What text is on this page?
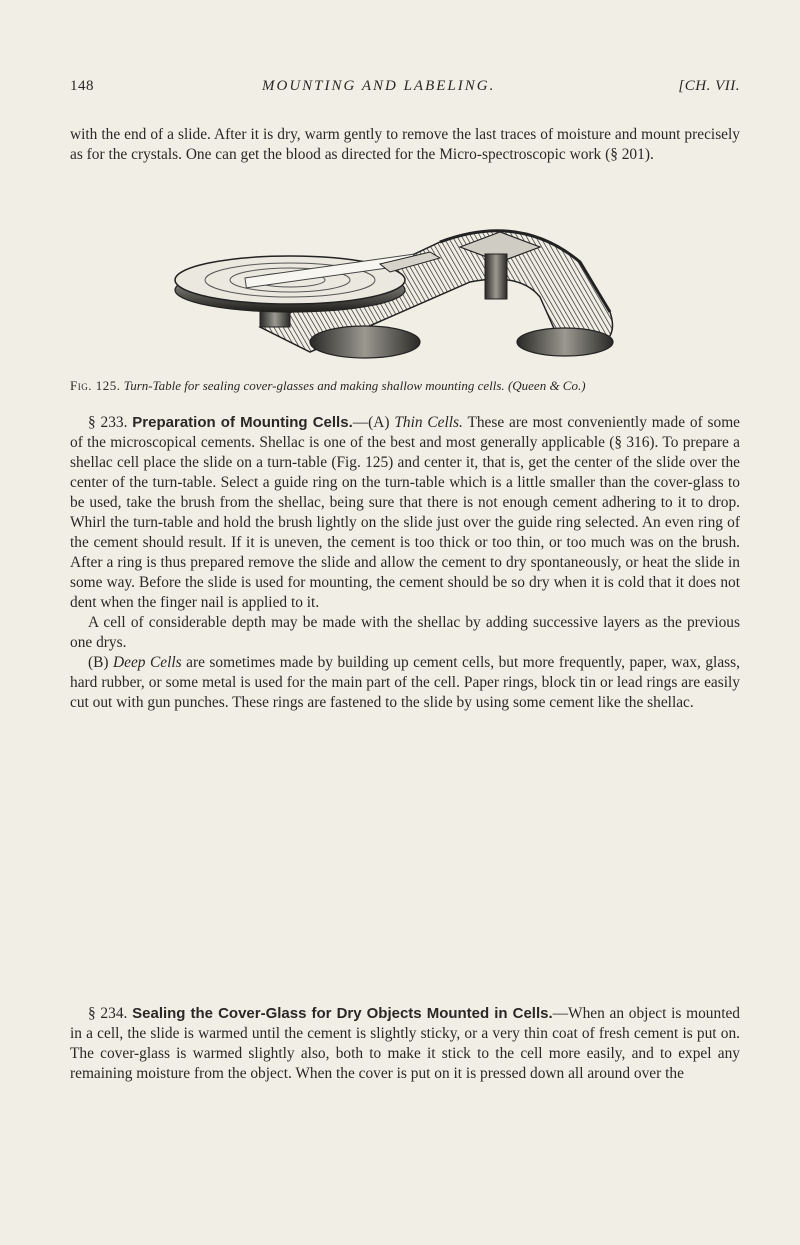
148	MOUNTING AND LABELING.	[CH. VII.

with the end of a slide. After it is dry, warm gently to remove the last traces of moisture and mount precisely as for the crystals. One can get the blood as directed for the Micro-spectroscopic work (§ 201).

Fig. 125. Turn-Table for sealing cover-glasses and making shallow mounting cells. (Queen & Co.)

§ 233. Preparation of Mounting Cells.—(A) Thin Cells. These are most conveniently made of some of the microscopical cements. Shellac is one of the best and most generally applicable (§ 316). To prepare a shellac cell place the slide on a turn-table (Fig. 125) and center it, that is, get the center of the slide over the center of the turn-table. Select a guide ring on the turn-table which is a little smaller than the cover-glass to be used, take the brush from the shellac, being sure that there is not enough cement adhering to it to drop. Whirl the turn-table and hold the brush lightly on the slide just over the guide ring selected. An even ring of the cement should result. If it is uneven, the cement is too thick or too thin, or too much was on the brush. After a ring is thus prepared remove the slide and allow the cement to dry spontaneously, or heat the slide in some way. Before the slide is used for mounting, the cement should be so dry when it is cold that it does not dent when the finger nail is applied to it.

A cell of considerable depth may be made with the shellac by adding successive layers as the previous one drys.

(B) Deep Cells are sometimes made by building up cement cells, but more frequently, paper, wax, glass, hard rubber, or some metal is used for the main part of the cell. Paper rings, block tin or lead rings are easily cut out with gun punches. These rings are fastened to the slide by using some cement like the shellac.

§ 234. Sealing the Cover-Glass for Dry Objects Mounted in Cells.—When an object is mounted in a cell, the slide is warmed until the cement is slightly sticky, or a very thin coat of fresh cement is put on. The cover-glass is warmed slightly also, both to make it stick to the cell more easily, and to expel any remaining moisture from the object. When the cover is put on it is pressed down all around over the
